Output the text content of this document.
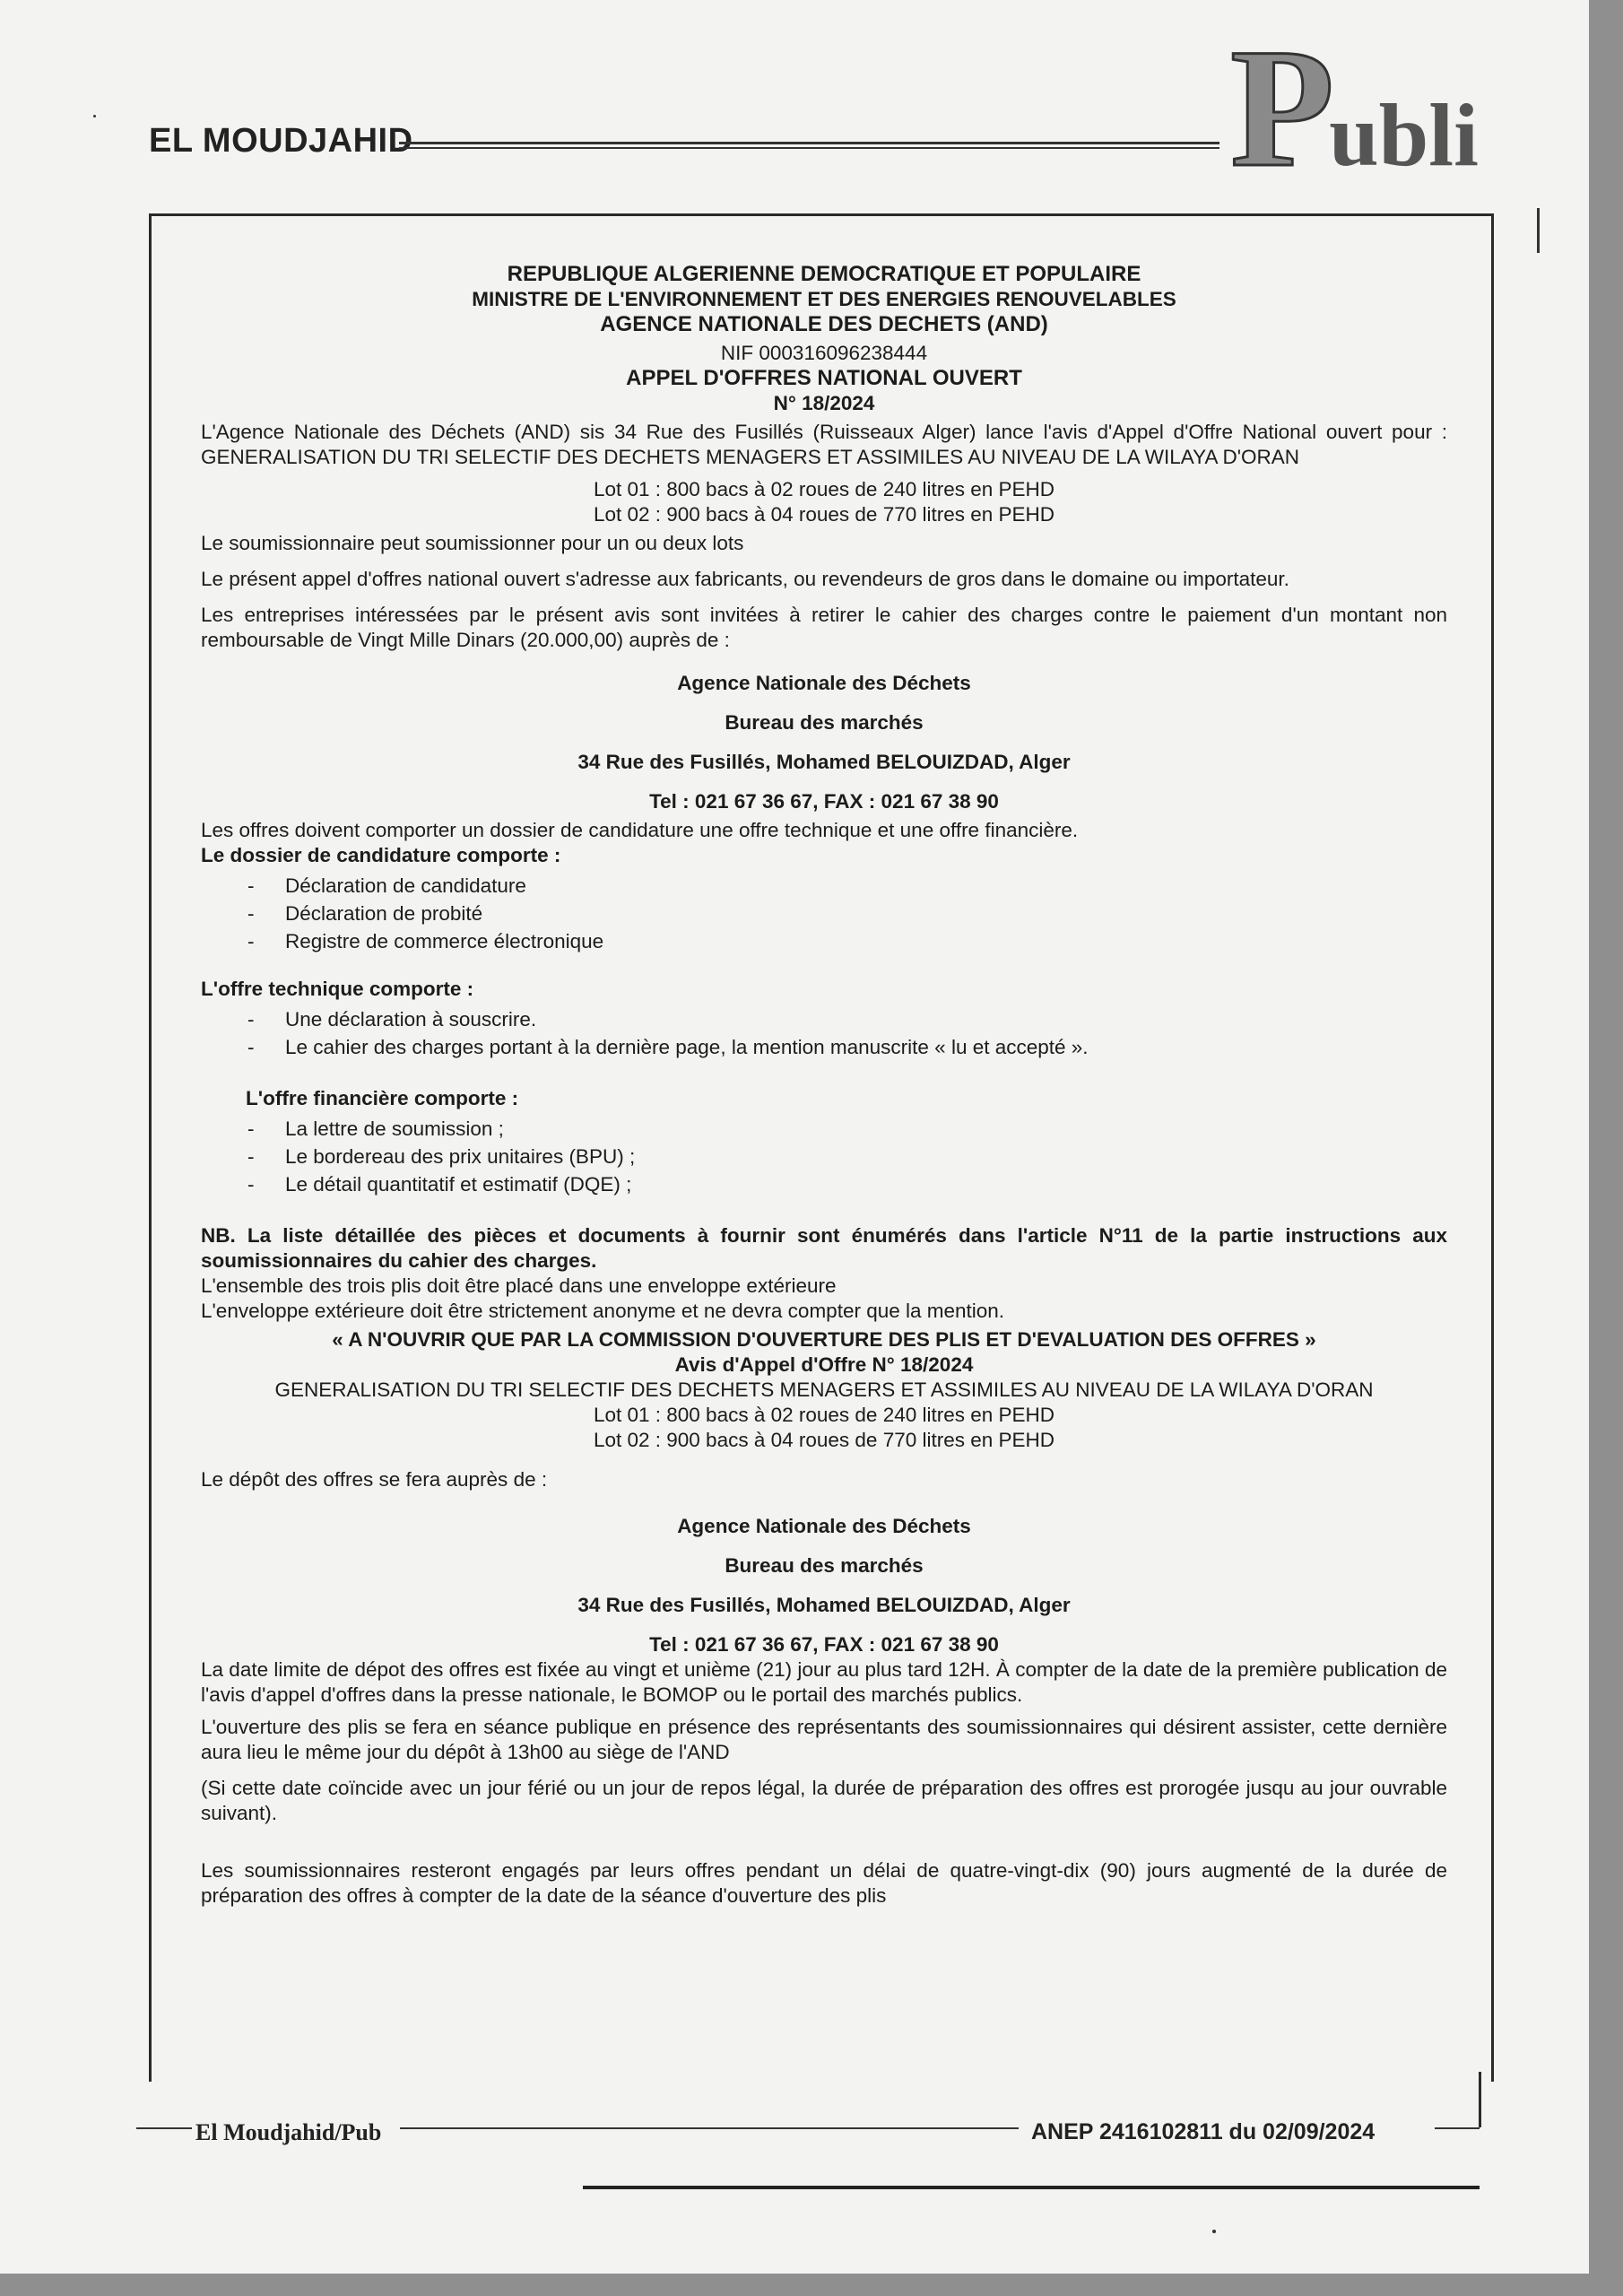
EL MOUDJAHID	Publi

REPUBLIQUE ALGERIENNE DEMOCRATIQUE ET POPULAIRE

MINISTRE DE L'ENVIRONNEMENT ET DES ENERGIES RENOUVELABLES

AGENCE NATIONALE DES DECHETS (AND)

NIF 000316096238444

APPEL D'OFFRES NATIONAL OUVERT

N° 18/2024

L'Agence Nationale des Déchets (AND) sis 34 Rue des Fusillés (Ruisseaux Alger) lance l'avis d'Appel d'Offre National ouvert pour : GENERALISATION DU TRI SELECTIF DES DECHETS MENAGERS ET ASSIMILES AU NIVEAU DE LA WILAYA D'ORAN

Lot 01 : 800 bacs à 02 roues de 240 litres en PEHD

Lot 02 : 900 bacs à 04 roues de 770 litres en PEHD

Le soumissionnaire peut soumissionner pour un ou deux lots

Le présent appel d'offres national ouvert s'adresse aux fabricants, ou revendeurs de gros dans le domaine ou importateur.

Les entreprises intéressées par le présent avis sont invitées à retirer le cahier des charges contre le paiement d'un montant non remboursable de Vingt Mille Dinars (20.000,00) auprès de :

Agence Nationale des Déchets

Bureau des marchés

34 Rue des Fusillés, Mohamed BELOUIZDAD, Alger

Tel : 021 67 36 67, FAX : 021 67 38 90

Les offres doivent comporter un dossier de candidature une offre technique et une offre financière.

Le dossier de candidature comporte :

- Déclaration de candidature
- Déclaration de probité
- Registre de commerce électronique

L'offre technique comporte :

- Une déclaration à souscrire.
- Le cahier des charges portant à la dernière page, la mention manuscrite « lu et accepté ».

L'offre financière comporte :

- La lettre de soumission ;
- Le bordereau des prix unitaires (BPU) ;
- Le détail quantitatif et estimatif (DQE) ;

NB. La liste détaillée des pièces et documents à fournir sont énumérés dans l'article N°11 de la partie instructions aux soumissionnaires du cahier des charges.

L'ensemble des trois plis doit être placé dans une enveloppe extérieure

L'enveloppe extérieure doit être strictement anonyme et ne devra compter que la mention.

« A N'OUVRIR QUE PAR LA COMMISSION D'OUVERTURE DES PLIS ET D'EVALUATION DES OFFRES »

Avis d'Appel d'Offre N° 18/2024

GENERALISATION DU TRI SELECTIF DES DECHETS MENAGERS ET ASSIMILES AU NIVEAU DE LA WILAYA D'ORAN

Lot 01 : 800 bacs à 02 roues de 240 litres en PEHD

Lot 02 : 900 bacs à 04 roues de 770 litres en PEHD

Le dépôt des offres se fera auprès de :

Agence Nationale des Déchets

Bureau des marchés

34 Rue des Fusillés, Mohamed BELOUIZDAD, Alger

Tel : 021 67 36 67, FAX : 021 67 38 90

La date limite de dépot des offres est fixée au vingt et unième (21) jour au plus tard 12H. À compter de la date de la première publication de l'avis d'appel d'offres dans la presse nationale, le BOMOP ou le portail des marchés publics.

L'ouverture des plis se fera en séance publique en présence des représentants des soumissionnaires qui désirent assister, cette dernière aura lieu le même jour du dépôt à 13h00 au siège de l'AND

(Si cette date coïncide avec un jour férié ou un jour de repos légal, la durée de préparation des offres est prorogée jusqu au jour ouvrable suivant).

Les soumissionnaires resteront engagés par leurs offres pendant un délai de quatre-vingt-dix (90) jours augmenté de la durée de préparation des offres à compter de la date de la séance d'ouverture des plis

El Moudjahid/Pub	ANEP 2416102811 du 02/09/2024
